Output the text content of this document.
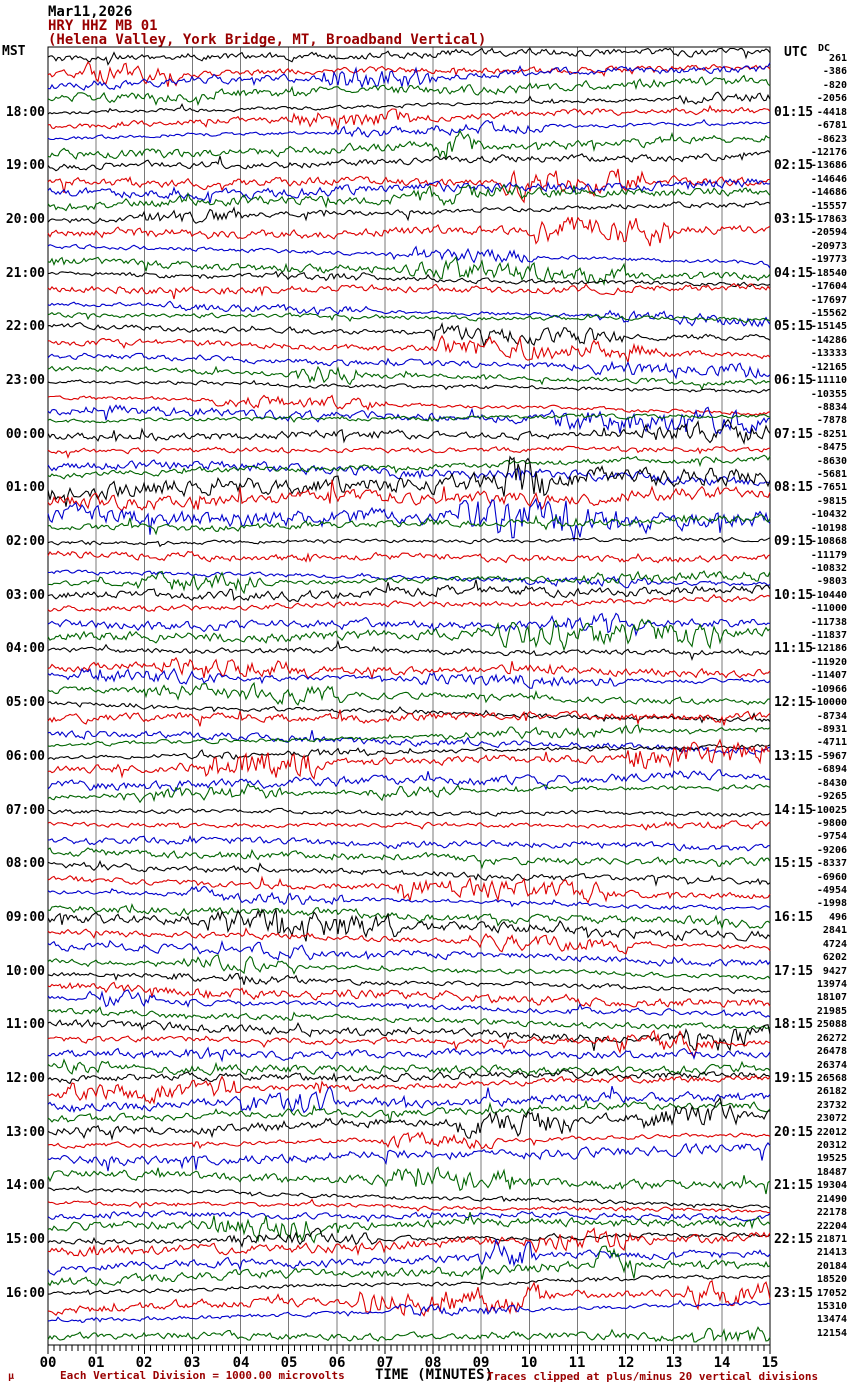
Mar11,2026
HRY HHZ MB 01
(Helena Valley, York Bridge, MT, Broadband Vertical)
MST	UTC DC
18:00
19:00
20:00
21:00
22:00
23:00
00:00
01:00
02:00
03:00
04:00
05:00
06:00
07:00
08:00
09:00
10:00
11:00
12:00
13:00
14:00
15:00
16:00
01:15
02:15
03:15
04:15
05:15
06:15
07:15
08:15
09:15
10:15
11:15
12:15
13:15
14:15
15:15
16:15
17:15
18:15
19:15
20:15
21:15
22:15
23:15
261
-386
-820
-2056
-4418
-6781
-8623
-12176
-13686
-14646
-14686
-15557
-17863
-20594
-20973
-19773
-18540
-17604
-17697
-15562
-15145
-14286
-13333
-12165
-11110
-10355
-8834
-7878
-8251
-8475
-8630
-5681
-7651
-9815
-10432
-10198
-10868
-11179
-10832
-9803
-10440
-11000
-11738
-11837
-12186
-11920
-11407
-10966
-10000
-8734
-8931
-4711
-5967
-6894
-8430
-9265
-10025
-9800
-9754
-9206
-8337
-6960
-4954
-1998
496
2841
4724
6202
9427
13974
18107
21985
25088
26272
26478
26374
26568
26182
23732
23072
22012
20312
19525
18487
19304
21490
22178
22204
21871
21413
20184
18520
17052
15310
13474
12154
00	01	02	03	04	05	06	07	08	09	10	11	12	13	14	15
μ	Each Vertical Division = 1000.00 microvolts TIME (MINUTES)
Traces clipped at plus/minus 20 vertical divisions
